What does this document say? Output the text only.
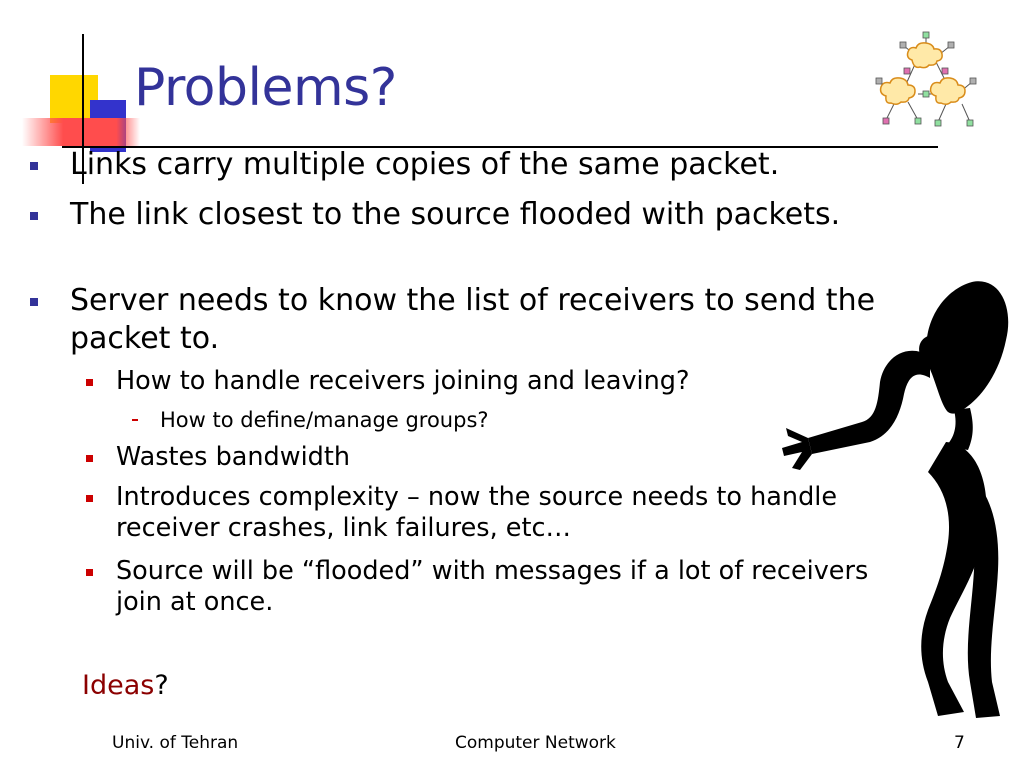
Problems?
Links carry multiple copies of the same packet.
The link closest to the source flooded with packets.
Server needs to know the list of receivers to send the packet to.
How to handle receivers joining and leaving?
How to define/manage groups?
Wastes bandwidth
Introduces complexity – now the source needs to handle receiver crashes, link failures, etc…
Source will be “flooded” with messages if a lot of receivers join at once.
Ideas?
Univ. of Tehran	Computer Network	7
